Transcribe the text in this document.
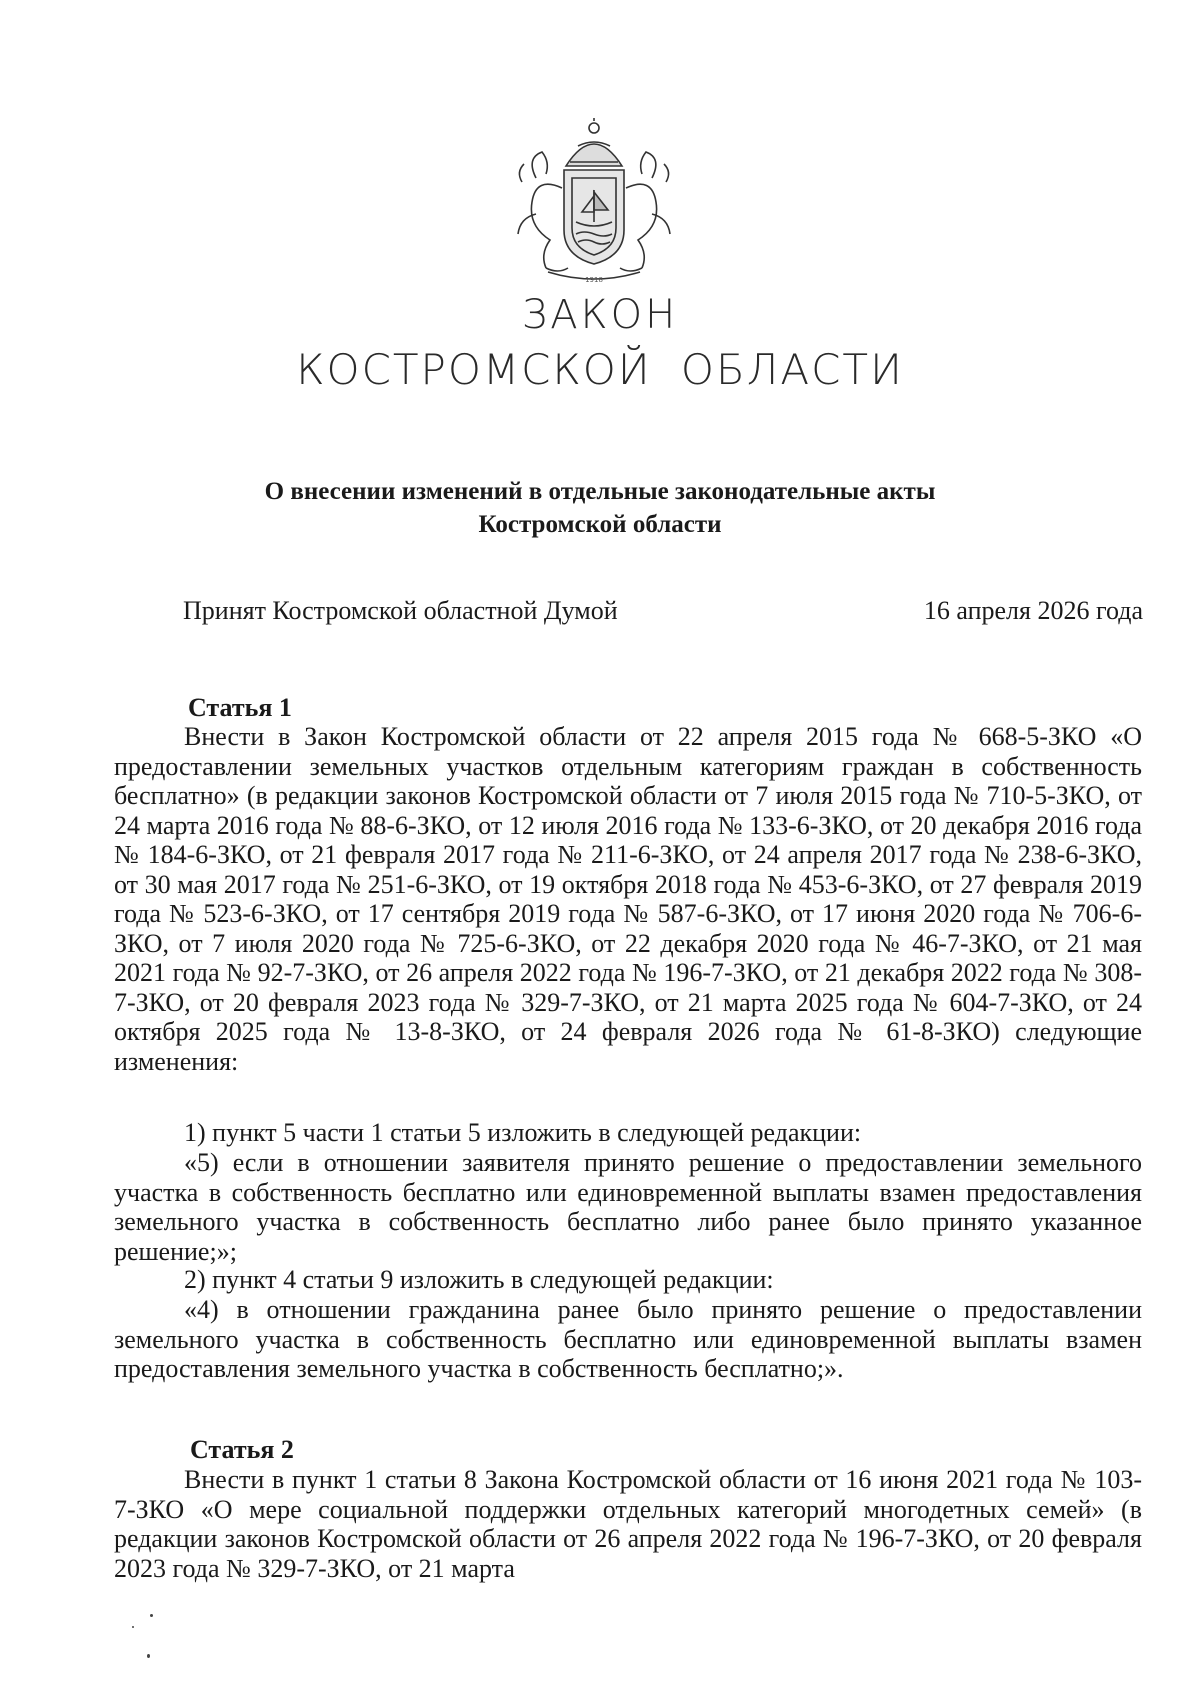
1918
ЗАКОН
КОСТРОМСКОЙ ОБЛАСТИ
О внесении изменений в отдельные законодательные акты
Костромской области
Принят Костромской областной Думой	16 апреля 2026 года
Статья 1

Внести в Закон Костромской области от 22 апреля 2015 года № 668-5-ЗКО «О предоставлении земельных участков отдельным категориям граждан в собственность бесплатно» (в редакции законов Костромской области от 7 июля 2015 года № 710-5-ЗКО, от 24 марта 2016 года № 88-6-ЗКО, от 12 июля 2016 года № 133-6-ЗКО, от 20 декабря 2016 года № 184-6-ЗКО, от 21 февраля 2017 года № 211-6-ЗКО, от 24 апреля 2017 года № 238-6-ЗКО, от 30 мая 2017 года № 251-6-ЗКО, от 19 октября 2018 года № 453-6-ЗКО, от 27 февраля 2019 года № 523-6-ЗКО, от 17 сентября 2019 года № 587-6-ЗКО, от 17 июня 2020 года № 706-6-ЗКО, от 7 июля 2020 года № 725-6-ЗКО, от 22 декабря 2020 года № 46-7-ЗКО, от 21 мая 2021 года № 92-7-ЗКО, от 26 апреля 2022 года № 196-7-ЗКО, от 21 декабря 2022 года № 308-7-ЗКО, от 20 февраля 2023 года № 329-7-ЗКО, от 21 марта 2025 года № 604-7-ЗКО, от 24 октября 2025 года № 13-8-ЗКО, от 24 февраля 2026 года № 61-8-ЗКО) следующие изменения:

1) пункт 5 части 1 статьи 5 изложить в следующей редакции:

«5) если в отношении заявителя принято решение о предоставлении земельного участка в собственность бесплатно или единовременной выплаты взамен предоставления земельного участка в собственность бесплатно либо ранее было принято указанное решение;»;

2) пункт 4 статьи 9 изложить в следующей редакции:

«4) в отношении гражданина ранее было принято решение о предоставлении земельного участка в собственность бесплатно или единовременной выплаты взамен предоставления земельного участка в собственность бесплатно;».

Статья 2

Внести в пункт 1 статьи 8 Закона Костромской области от 16 июня 2021 года № 103-7-ЗКО «О мере социальной поддержки отдельных категорий многодетных семей» (в редакции законов Костромской области от 26 апреля 2022 года № 196-7-ЗКО, от 20 февраля 2023 года № 329-7-ЗКО, от 21 марта
